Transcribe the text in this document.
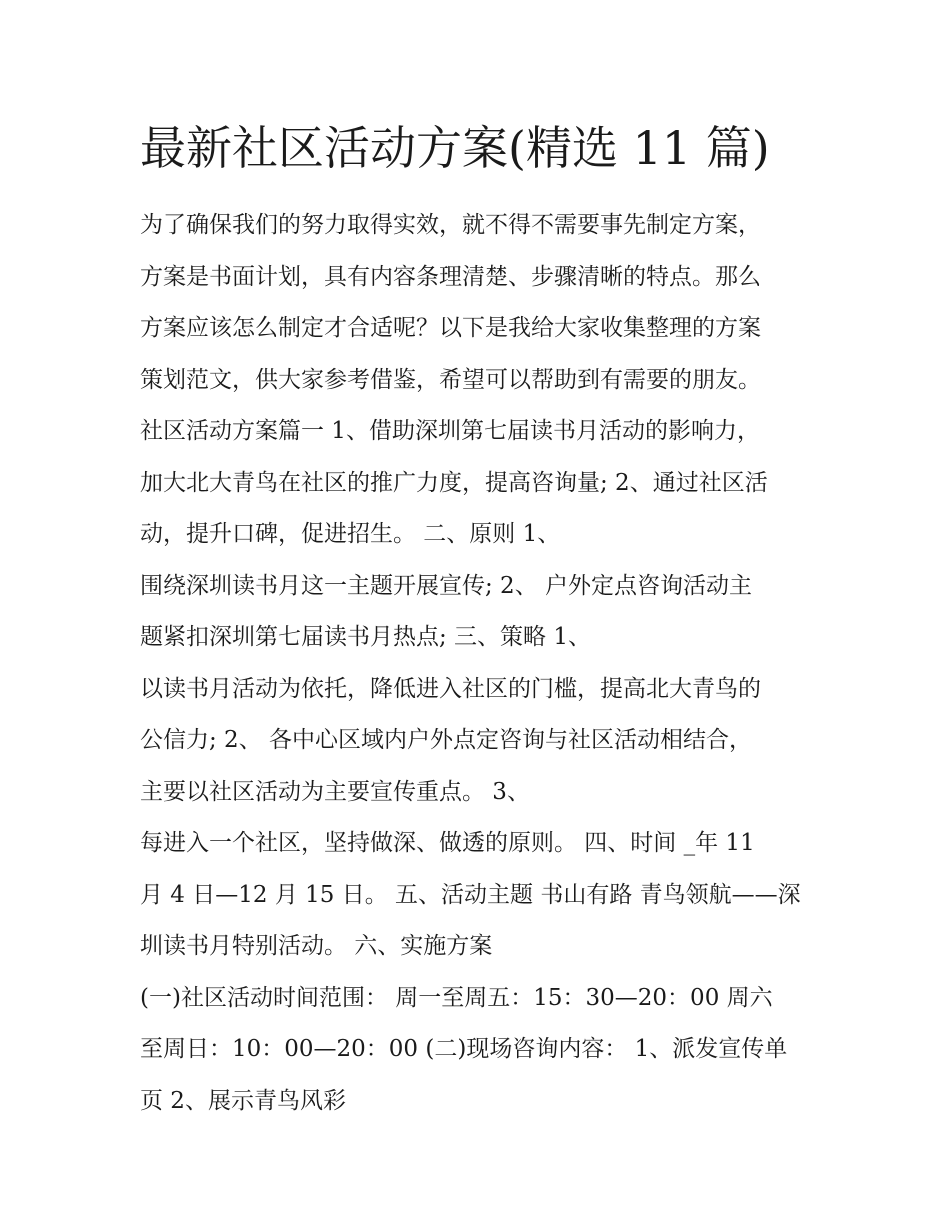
最新社区活动方案(精选 11 篇)
为了确保我们的努力取得实效，就不得不需要事先制定方案，
方案是书面计划，具有内容条理清楚、步骤清晰的特点。那么
方案应该怎么制定才合适呢？以下是我给大家收集整理的方案
策划范文，供大家参考借鉴，希望可以帮助到有需要的朋友。
社区活动方案篇一 1、借助深圳第七届读书月活动的影响力，
加大北大青鸟在社区的推广力度，提高咨询量; 2、通过社区活
动，提升口碑，促进招生。 二、原则 1、
围绕深圳读书月这一主题开展宣传; 2、 户外定点咨询活动主
题紧扣深圳第七届读书月热点; 三、策略 1、
以读书月活动为依托，降低进入社区的门槛，提高北大青鸟的
公信力; 2、 各中心区域内户外点定咨询与社区活动相结合，
主要以社区活动为主要宣传重点。 3、
每进入一个社区，坚持做深、做透的原则。 四、时间 _年 11
月 4 日—12 月 15 日。 五、活动主题 书山有路 青鸟领航——深
圳读书月特别活动。 六、实施方案
(一)社区活动时间范围： 周一至周五：15：30—20：00 周六
至周日：10：00—20：00 (二)现场咨询内容： 1、派发宣传单
页 2、展示青鸟风彩
